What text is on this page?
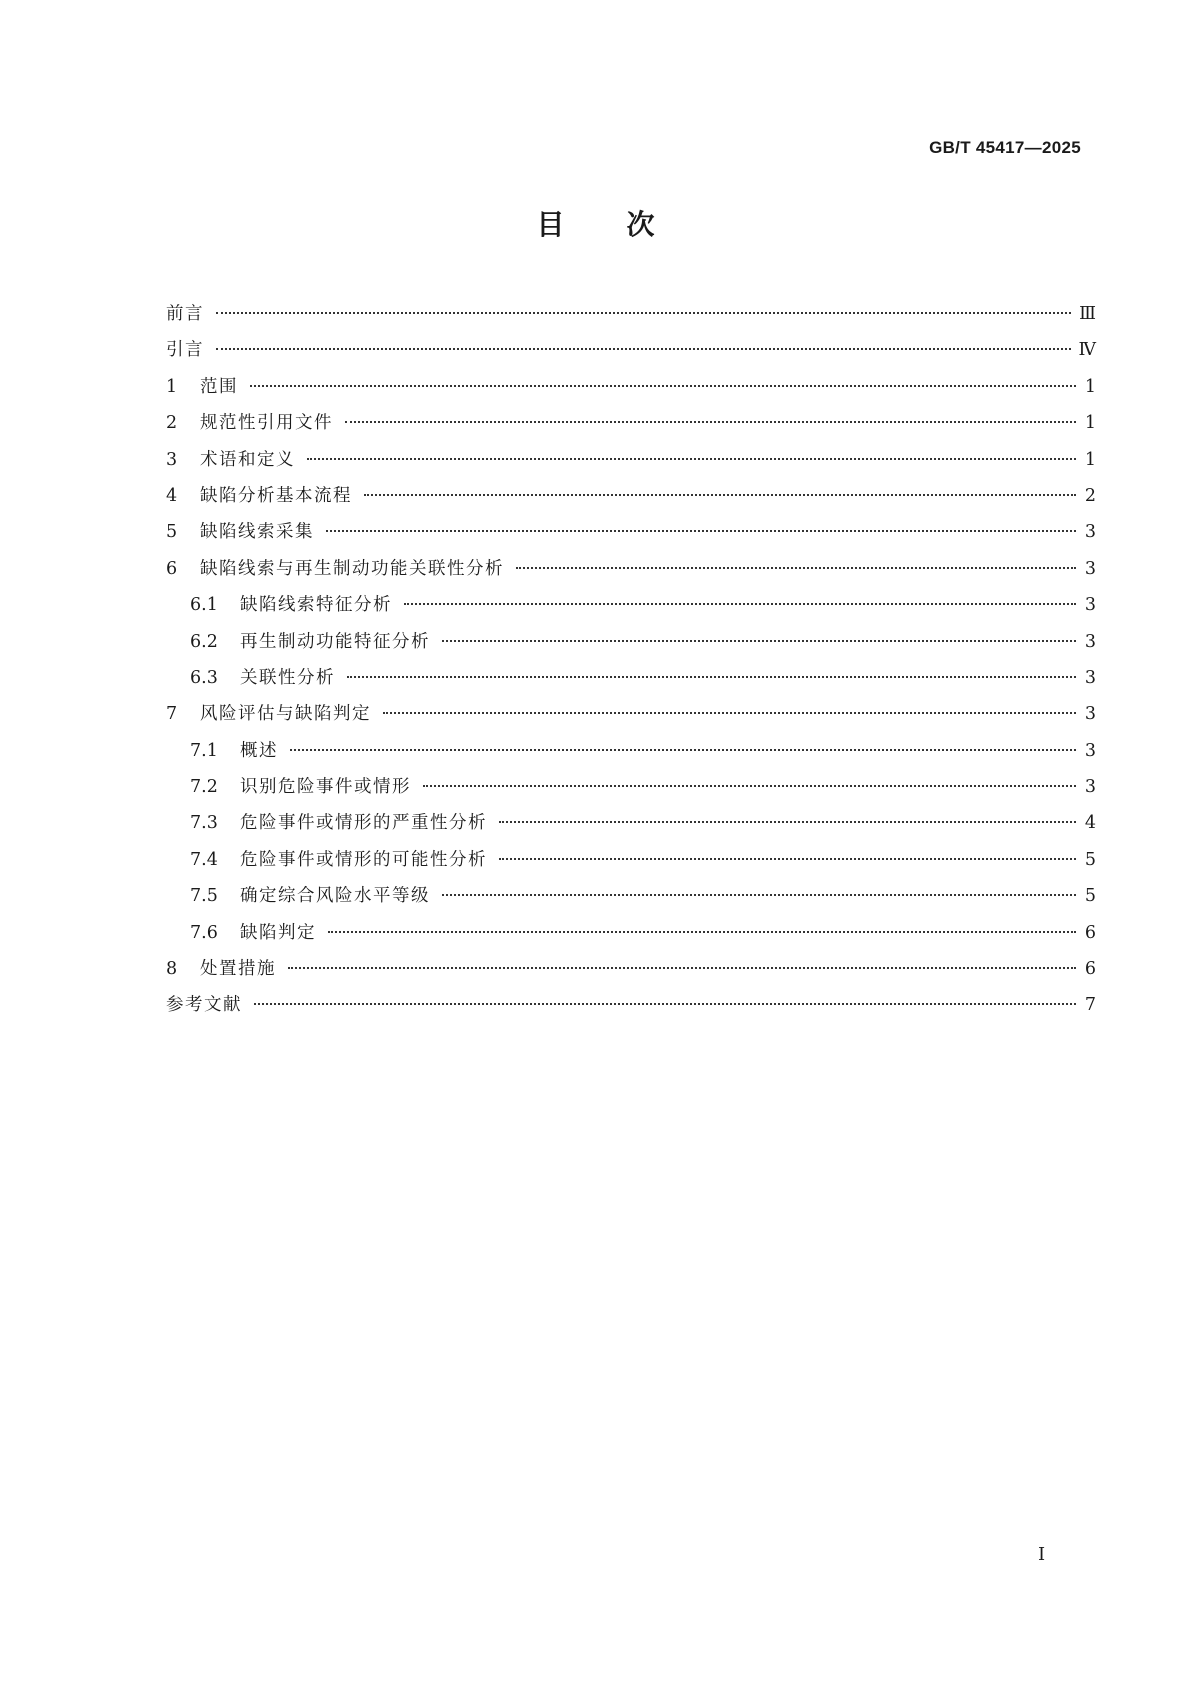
GB/T 45417—2025
目 次
前言	Ⅲ
引言	Ⅳ
1	范围	1
2	规范性引用文件	1
3	术语和定义	1
4	缺陷分析基本流程	2
5	缺陷线索采集	3
6	缺陷线索与再生制动功能关联性分析	3
6.1	缺陷线索特征分析	3
6.2	再生制动功能特征分析	3
6.3	关联性分析	3
7	风险评估与缺陷判定	3
7.1	概述	3
7.2	识别危险事件或情形	3
7.3	危险事件或情形的严重性分析	4
7.4	危险事件或情形的可能性分析	5
7.5	确定综合风险水平等级	5
7.6	缺陷判定	6
8	处置措施	6
参考文献	7
Ⅰ
